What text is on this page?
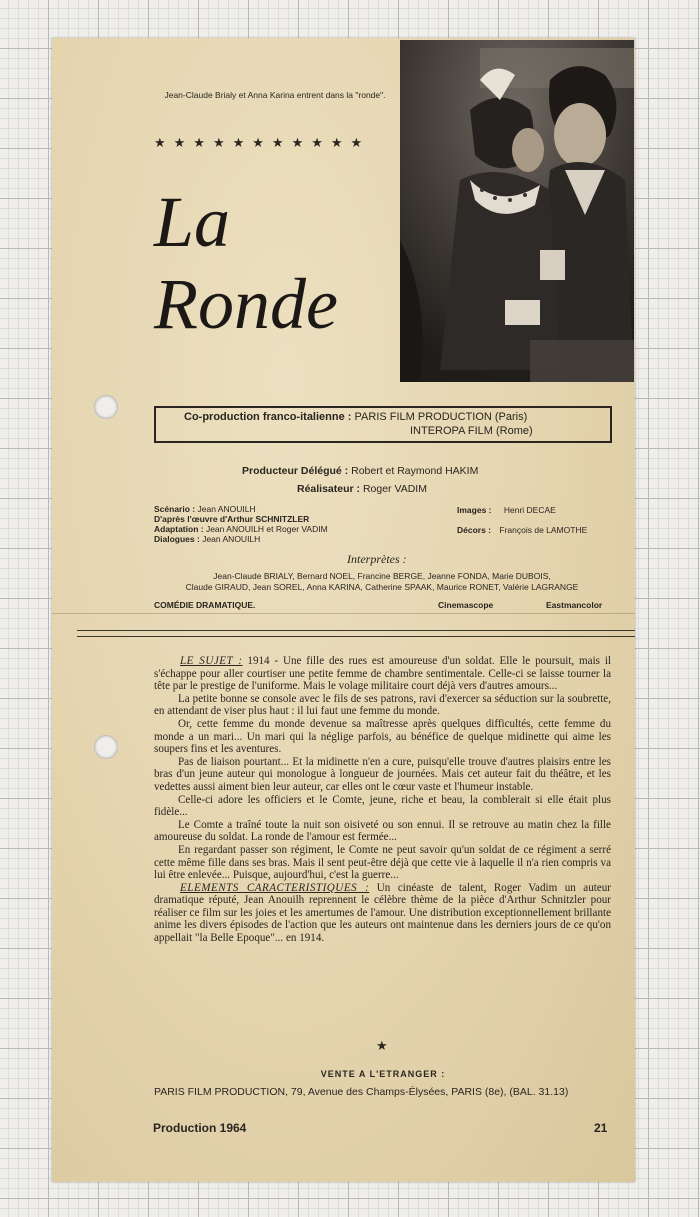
Jean-Claude Brialy et Anna Karina entrent dans la "ronde".
★★★★★★★★★★★
La
Ronde
Co-production franco-italienne : PARIS FILM PRODUCTION (Paris)
INTEROPA FILM (Rome)
Producteur Délégué : Robert et Raymond HAKIM
Réalisateur : Roger VADIM
Scénario : Jean ANOUILH
D'après l'œuvre d'Arthur SCHNITZLER
Adaptation : Jean ANOUILH et Roger VADIM
Dialogues : Jean ANOUILH
Images : Henri DECAE
Décors : François de LAMOTHE
Interprètes :
Jean-Claude BRIALY, Bernard NOEL, Francine BERGE, Jeanne FONDA, Marie DUBOIS,
Claude GIRAUD, Jean SOREL, Anna KARINA, Catherine SPAAK, Maurice RONET, Valérie LAGRANGE
COMÉDIE DRAMATIQUE.	Cinemascope	Eastmancolor

LE SUJET : 1914 - Une fille des rues est amoureuse d'un soldat. Elle le poursuit, mais il s'échappe pour aller courtiser une petite femme de chambre sentimentale. Celle-ci se laisse tourner la tête par le prestige de l'uniforme. Mais le volage militaire court déjà vers d'autres amours...

La petite bonne se console avec le fils de ses patrons, ravi d'exercer sa séduction sur la soubrette, en attendant de viser plus haut : il lui faut une femme du monde.

Or, cette femme du monde devenue sa maîtresse après quelques difficultés, cette femme du monde a un mari... Un mari qui la néglige parfois, au bénéfice de quelque midinette qui aime les soupers fins et les aventures.

Pas de liaison pourtant... Et la midinette n'en a cure, puisqu'elle trouve d'autres plaisirs entre les bras d'un jeune auteur qui monologue à longueur de journées. Mais cet auteur fait du théâtre, et les vedettes aussi aiment bien leur auteur, car elles ont le cœur vaste et l'humeur instable.

Celle-ci adore les officiers et le Comte, jeune, riche et beau, la comblerait si elle était plus fidèle...

Le Comte a traîné toute la nuit son oisiveté ou son ennui. Il se retrouve au matin chez la fille amoureuse du soldat. La ronde de l'amour est fermée...

En regardant passer son régiment, le Comte ne peut savoir qu'un soldat de ce régiment a serré cette même fille dans ses bras. Mais il sent peut-être déjà que cette vie à laquelle il n'a rien compris va lui être enlevée... Puisque, aujourd'hui, c'est la guerre...

ELEMENTS CARACTERISTIQUES : Un cinéaste de talent, Roger Vadim un auteur dramatique réputé, Jean Anouilh reprennent le célèbre thème de la pièce d'Arthur Schnitzler pour réaliser ce film sur les joies et les amertumes de l'amour. Une distribution exceptionnellement brillante anime les divers épisodes de l'action que les auteurs ont maintenue dans les derniers jours de ce qu'on appellait "la Belle Epoque"... en 1914.

★
VENTE A L'ETRANGER :
PARIS FILM PRODUCTION, 79, Avenue des Champs-Élysées, PARIS (8e), (BAL. 31.13)
Production 1964	21
